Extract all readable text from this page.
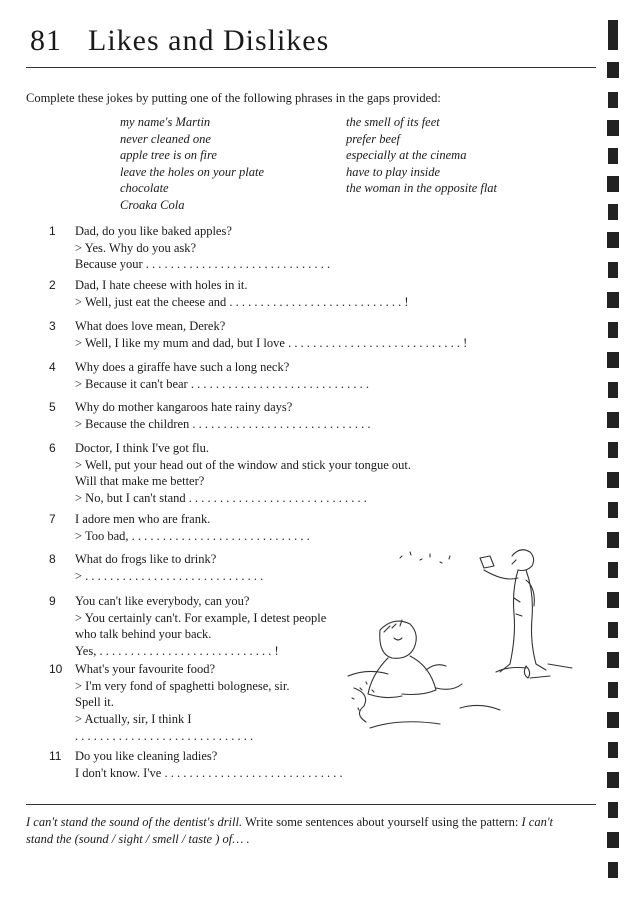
81 Likes and Dislikes
Complete these jokes by putting one of the following phrases in the gaps provided:
my name's Martin
never cleaned one
apple tree is on fire
leave the holes on your plate
chocolate
Croaka Cola
the smell of its feet
prefer beef
especially at the cinema
have to play inside
the woman in the opposite flat
1 Dad, do you like baked apples?
> Yes. Why do you ask?
Because your . . . . . . . . . . . . . . . . . . . . . . . . . . . . . .
2 Dad, I hate cheese with holes in it.
> Well, just eat the cheese and . . . . . . . . . . . . . . . . . . . . . . . . . . . . !
3 What does love mean, Derek?
> Well, I like my mum and dad, but I love . . . . . . . . . . . . . . . . . . . . . . . . . . . . !
4 Why does a giraffe have such a long neck?
> Because it can't bear . . . . . . . . . . . . . . . . . . . . . . . . . . . . .
5 Why do mother kangaroos hate rainy days?
> Because the children . . . . . . . . . . . . . . . . . . . . . . . . . . . . .
6 Doctor, I think I've got flu.
> Well, put your head out of the window and stick your tongue out.
Will that make me better?
> No, but I can't stand . . . . . . . . . . . . . . . . . . . . . . . . . . . . .
7 I adore men who are frank.
> Too bad, . . . . . . . . . . . . . . . . . . . . . . . . . . . . .
8 What do frogs like to drink?
> . . . . . . . . . . . . . . . . . . . . . . . . . . . . .
9 You can't like everybody, can you?
> You certainly can't. For example, I detest people
who talk behind your back.
Yes, . . . . . . . . . . . . . . . . . . . . . . . . . . . . !
10 What's your favourite food?
> I'm very fond of spaghetti bolognese, sir.
Spell it.
> Actually, sir, I think I
. . . . . . . . . . . . . . . . . . . . . . . . . . . . .
11 Do you like cleaning ladies?
I don't know. I've . . . . . . . . . . . . . . . . . . . . . . . . . . . . .
I can't stand the sound of the dentist's drill. Write some sentences about yourself using the pattern: I can't stand the (sound / sight / smell / taste ) of… .
